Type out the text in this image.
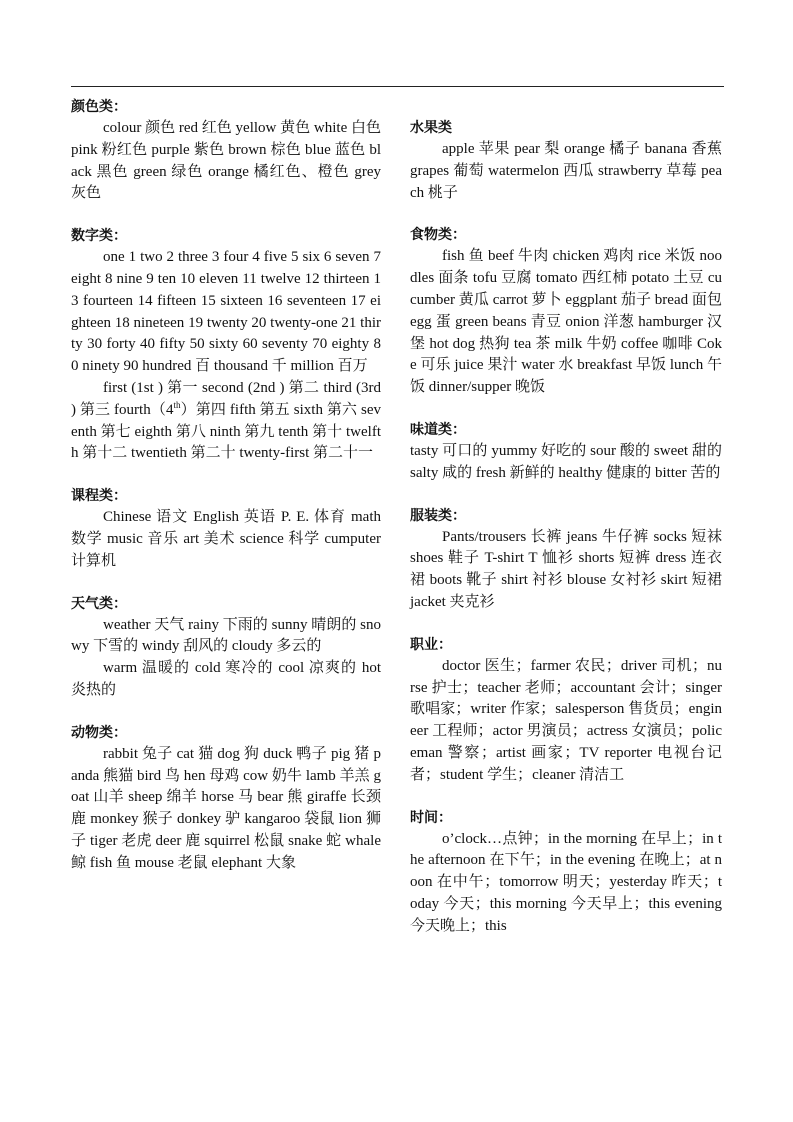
颜色类：

colour 颜色 red 红色 yellow 黄色 white 白色 pink 粉红色 purple 紫色 brown 棕色 blue 蓝色 black 黑色 green 绿色 orange 橘红色、橙色 grey 灰色

数字类：

one 1 two 2 three 3 four 4 five 5 six 6 seven 7 eight 8 nine 9 ten 10 eleven 11 twelve 12 thirteen 13 fourteen 14 fifteen 15 sixteen 16 seventeen 17 eighteen 18 nineteen 19 twenty 20 twenty-one 21 thirty 30 forty 40 fifty 50 sixty 60 seventy 70 eighty 80 ninety 90 hundred 百 thousand 千 million 百万

first (1st ) 第一 second (2nd ) 第二 third (3rd ) 第三 fourth（4th）第四 fifth 第五 sixth 第六 seventh 第七 eighth 第八 ninth 第九 tenth 第十 twelfth 第十二 twentieth 第二十 twenty-first 第二十一

课程类：

Chinese 语文 English 英语 P. E. 体育 math 数学 music 音乐 art 美术 science 科学 cumputer 计算机

天气类：

weather 天气 rainy 下雨的 sunny 晴朗的 snowy 下雪的 windy 刮风的 cloudy 多云的

warm 温暖的 cold 寒冷的 cool 凉爽的 hot 炎热的

动物类：

rabbit 兔子 cat 猫 dog 狗 duck 鸭子 pig 猪 panda 熊猫 bird 鸟 hen 母鸡 cow 奶牛 lamb 羊羔 goat 山羊 sheep 绵羊 horse 马 bear 熊 giraffe 长颈鹿 monkey 猴子 donkey 驴 kangaroo 袋鼠 lion 狮子 tiger 老虎 deer 鹿 squirrel 松鼠 snake 蛇 whale 鲸 fish 鱼 mouse 老鼠 elephant 大象

水果类

apple 苹果 pear 梨 orange 橘子 banana 香蕉 grapes 葡萄 watermelon 西瓜 strawberry 草莓 peach 桃子

食物类：

fish 鱼 beef 牛肉 chicken 鸡肉 rice 米饭 noodles 面条 tofu 豆腐 tomato 西红柿 potato 土豆 cucumber 黄瓜 carrot 萝卜 eggplant 茄子 bread 面包 egg 蛋 green beans 青豆 onion 洋葱 hamburger 汉堡 hot dog 热狗 tea 茶 milk 牛奶 coffee 咖啡 Coke 可乐 juice 果汁 water 水 breakfast 早饭 lunch 午饭 dinner/supper 晚饭

味道类：

tasty 可口的 yummy 好吃的 sour 酸的 sweet 甜的 salty 咸的 fresh 新鲜的 healthy 健康的 bitter 苦的

服装类：

Pants/trousers 长裤 jeans 牛仔裤 socks 短袜 shoes 鞋子 T-shirt T 恤衫 shorts 短裤 dress 连衣裙 boots 靴子 shirt 衬衫 blouse 女衬衫 skirt 短裙 jacket 夹克衫

职业：

doctor 医生；farmer 农民；driver 司机；nurse 护士；teacher 老师；accountant 会计；singer 歌唱家；writer 作家；salesperson 售货员；engineer 工程师；actor 男演员；actress 女演员；policeman 警察；artist 画家；TV reporter 电视台记者；student 学生；cleaner 清洁工

时间：

o’clock…点钟；in the morning 在早上；in the afternoon 在下午；in the evening 在晚上；at noon 在中午；tomorrow 明天；yesterday 昨天；today 今天；this morning 今天早上；this evening 今天晚上；this
